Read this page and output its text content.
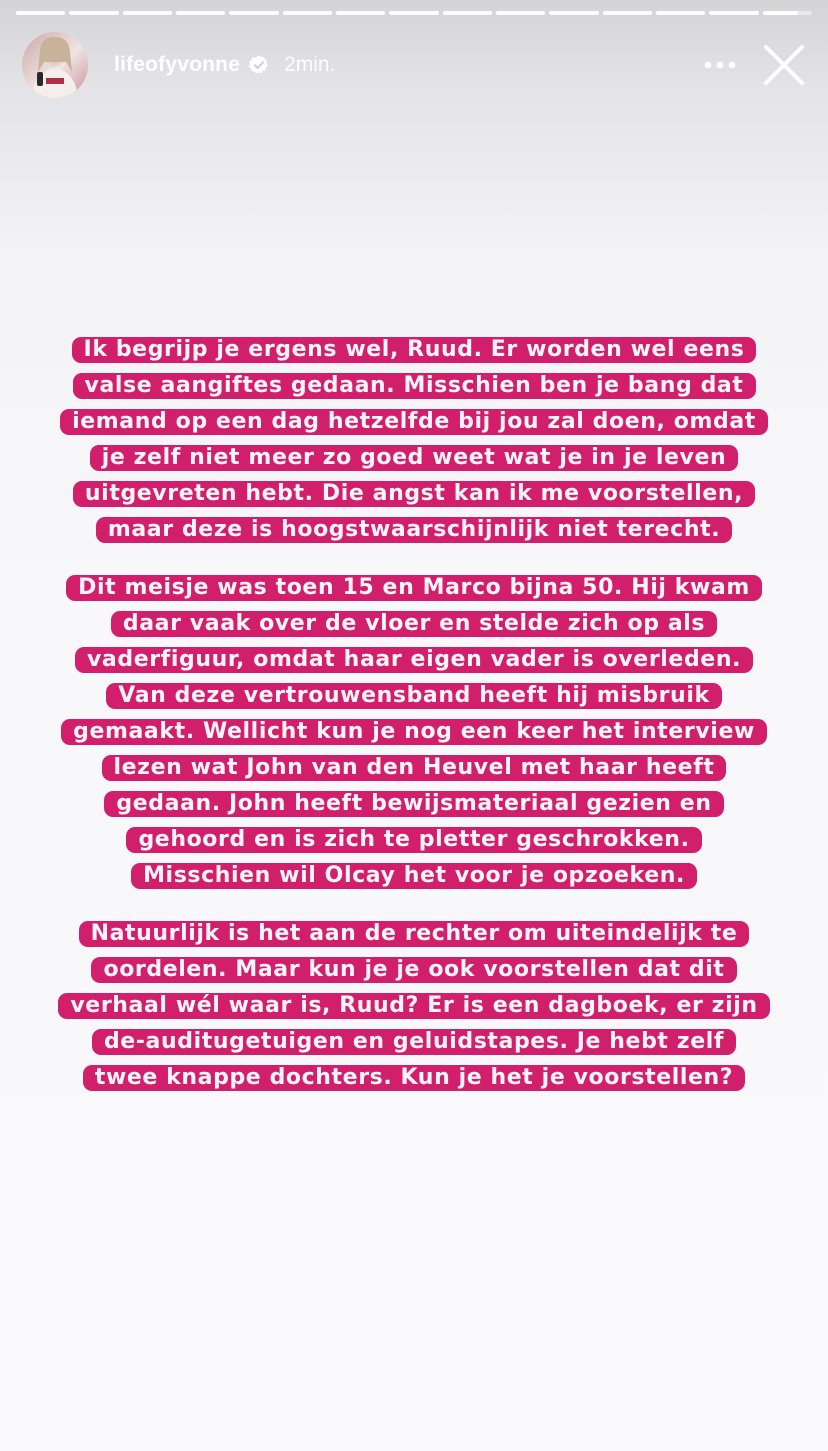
lifeofyvonne 2min.

Ik begrijp je ergens wel, Ruud. Er worden wel eens

valse aangiftes gedaan. Misschien ben je bang dat

iemand op een dag hetzelfde bij jou zal doen, omdat

je zelf niet meer zo goed weet wat je in je leven

uitgevreten hebt. Die angst kan ik me voorstellen,

maar deze is hoogstwaarschijnlijk niet terecht.

Dit meisje was toen 15 en Marco bijna 50. Hij kwam

daar vaak over de vloer en stelde zich op als

vaderfiguur, omdat haar eigen vader is overleden.

Van deze vertrouwensband heeft hij misbruik

gemaakt. Wellicht kun je nog een keer het interview

lezen wat John van den Heuvel met haar heeft

gedaan. John heeft bewijsmateriaal gezien en

gehoord en is zich te pletter geschrokken.

Misschien wil Olcay het voor je opzoeken.

Natuurlijk is het aan de rechter om uiteindelijk te

oordelen. Maar kun je je ook voorstellen dat dit

verhaal wél waar is, Ruud? Er is een dagboek, er zijn

de-auditugetuigen en geluidstapes. Je hebt zelf

twee knappe dochters. Kun je het je voorstellen?
